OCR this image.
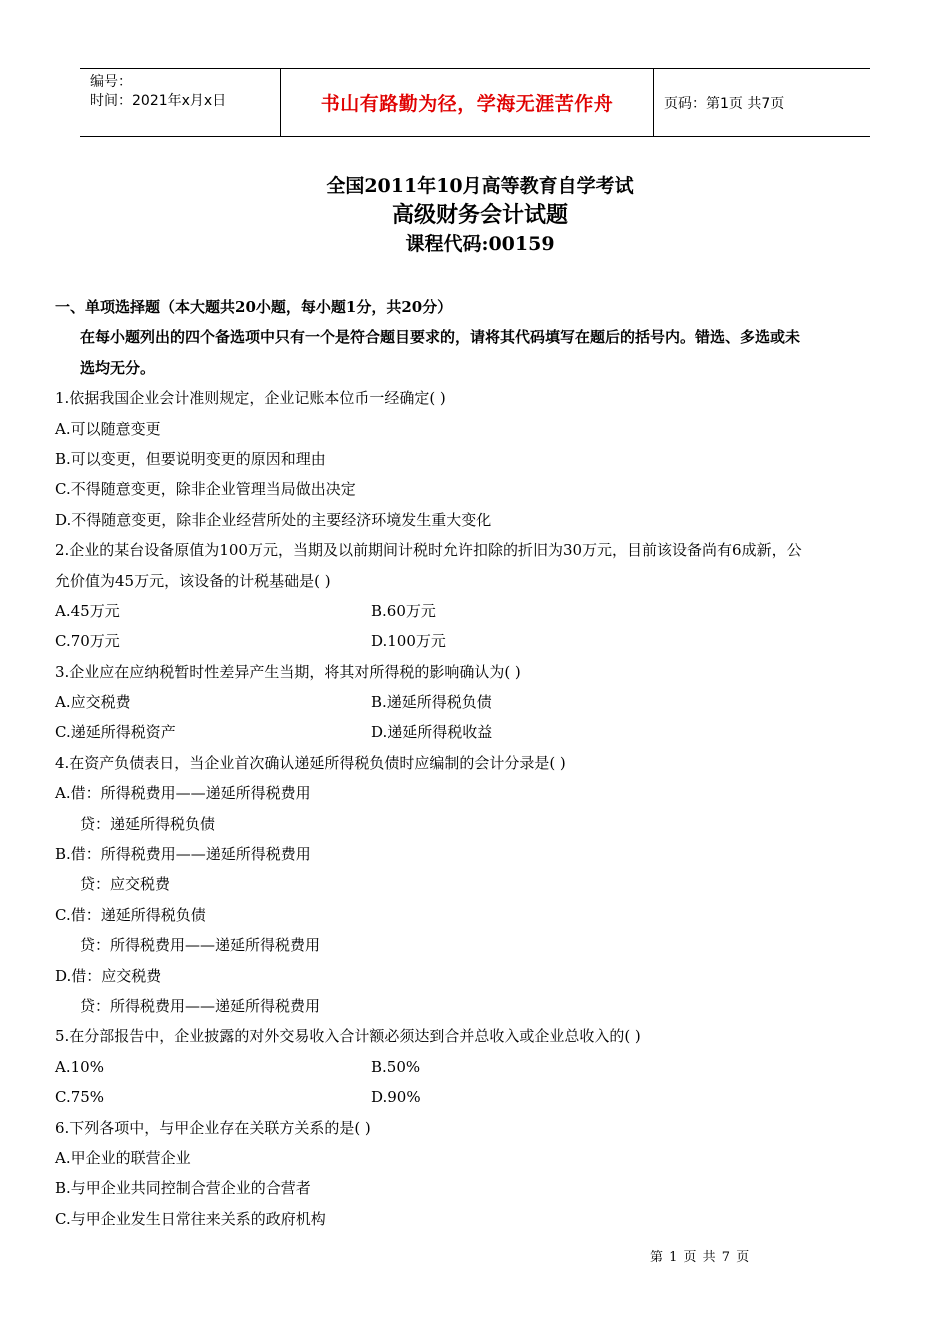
编号：
时间：2021年x月x日	书山有路勤为径，学海无涯苦作舟	页码：第1页 共7页
全国2011年10月高等教育自学考试
高级财务会计试题
课程代码:00159
一、单项选择题（本大题共20小题，每小题1分，共20分）
在每小题列出的四个备选项中只有一个是符合题目要求的，请将其代码填写在题后的括号内。错选、多选或未
选均无分。
1.依据我国企业会计准则规定，企业记账本位币一经确定( )
A.可以随意变更
B.可以变更，但要说明变更的原因和理由
C.不得随意变更，除非企业管理当局做出决定
D.不得随意变更，除非企业经营所处的主要经济环境发生重大变化
2.企业的某台设备原值为100万元，当期及以前期间计税时允许扣除的折旧为30万元，目前该设备尚有6成新，公
允价值为45万元，该设备的计税基础是( )
A.45万元	B.60万元
C.70万元	D.100万元
3.企业应在应纳税暂时性差异产生当期，将其对所得税的影响确认为( )
A.应交税费	B.递延所得税负债
C.递延所得税资产	D.递延所得税收益
4.在资产负债表日，当企业首次确认递延所得税负债时应编制的会计分录是( )
A.借：所得税费用——递延所得税费用
贷：递延所得税负债
B.借：所得税费用——递延所得税费用
贷：应交税费
C.借：递延所得税负债
贷：所得税费用——递延所得税费用
D.借：应交税费
贷：所得税费用——递延所得税费用
5.在分部报告中，企业披露的对外交易收入合计额必须达到合并总收入或企业总收入的( )
A.10%	B.50%
C.75%	D.90%
6.下列各项中，与甲企业存在关联方关系的是( )
A.甲企业的联营企业
B.与甲企业共同控制合营企业的合营者
C.与甲企业发生日常往来关系的政府机构
第 1 页 共 7 页
